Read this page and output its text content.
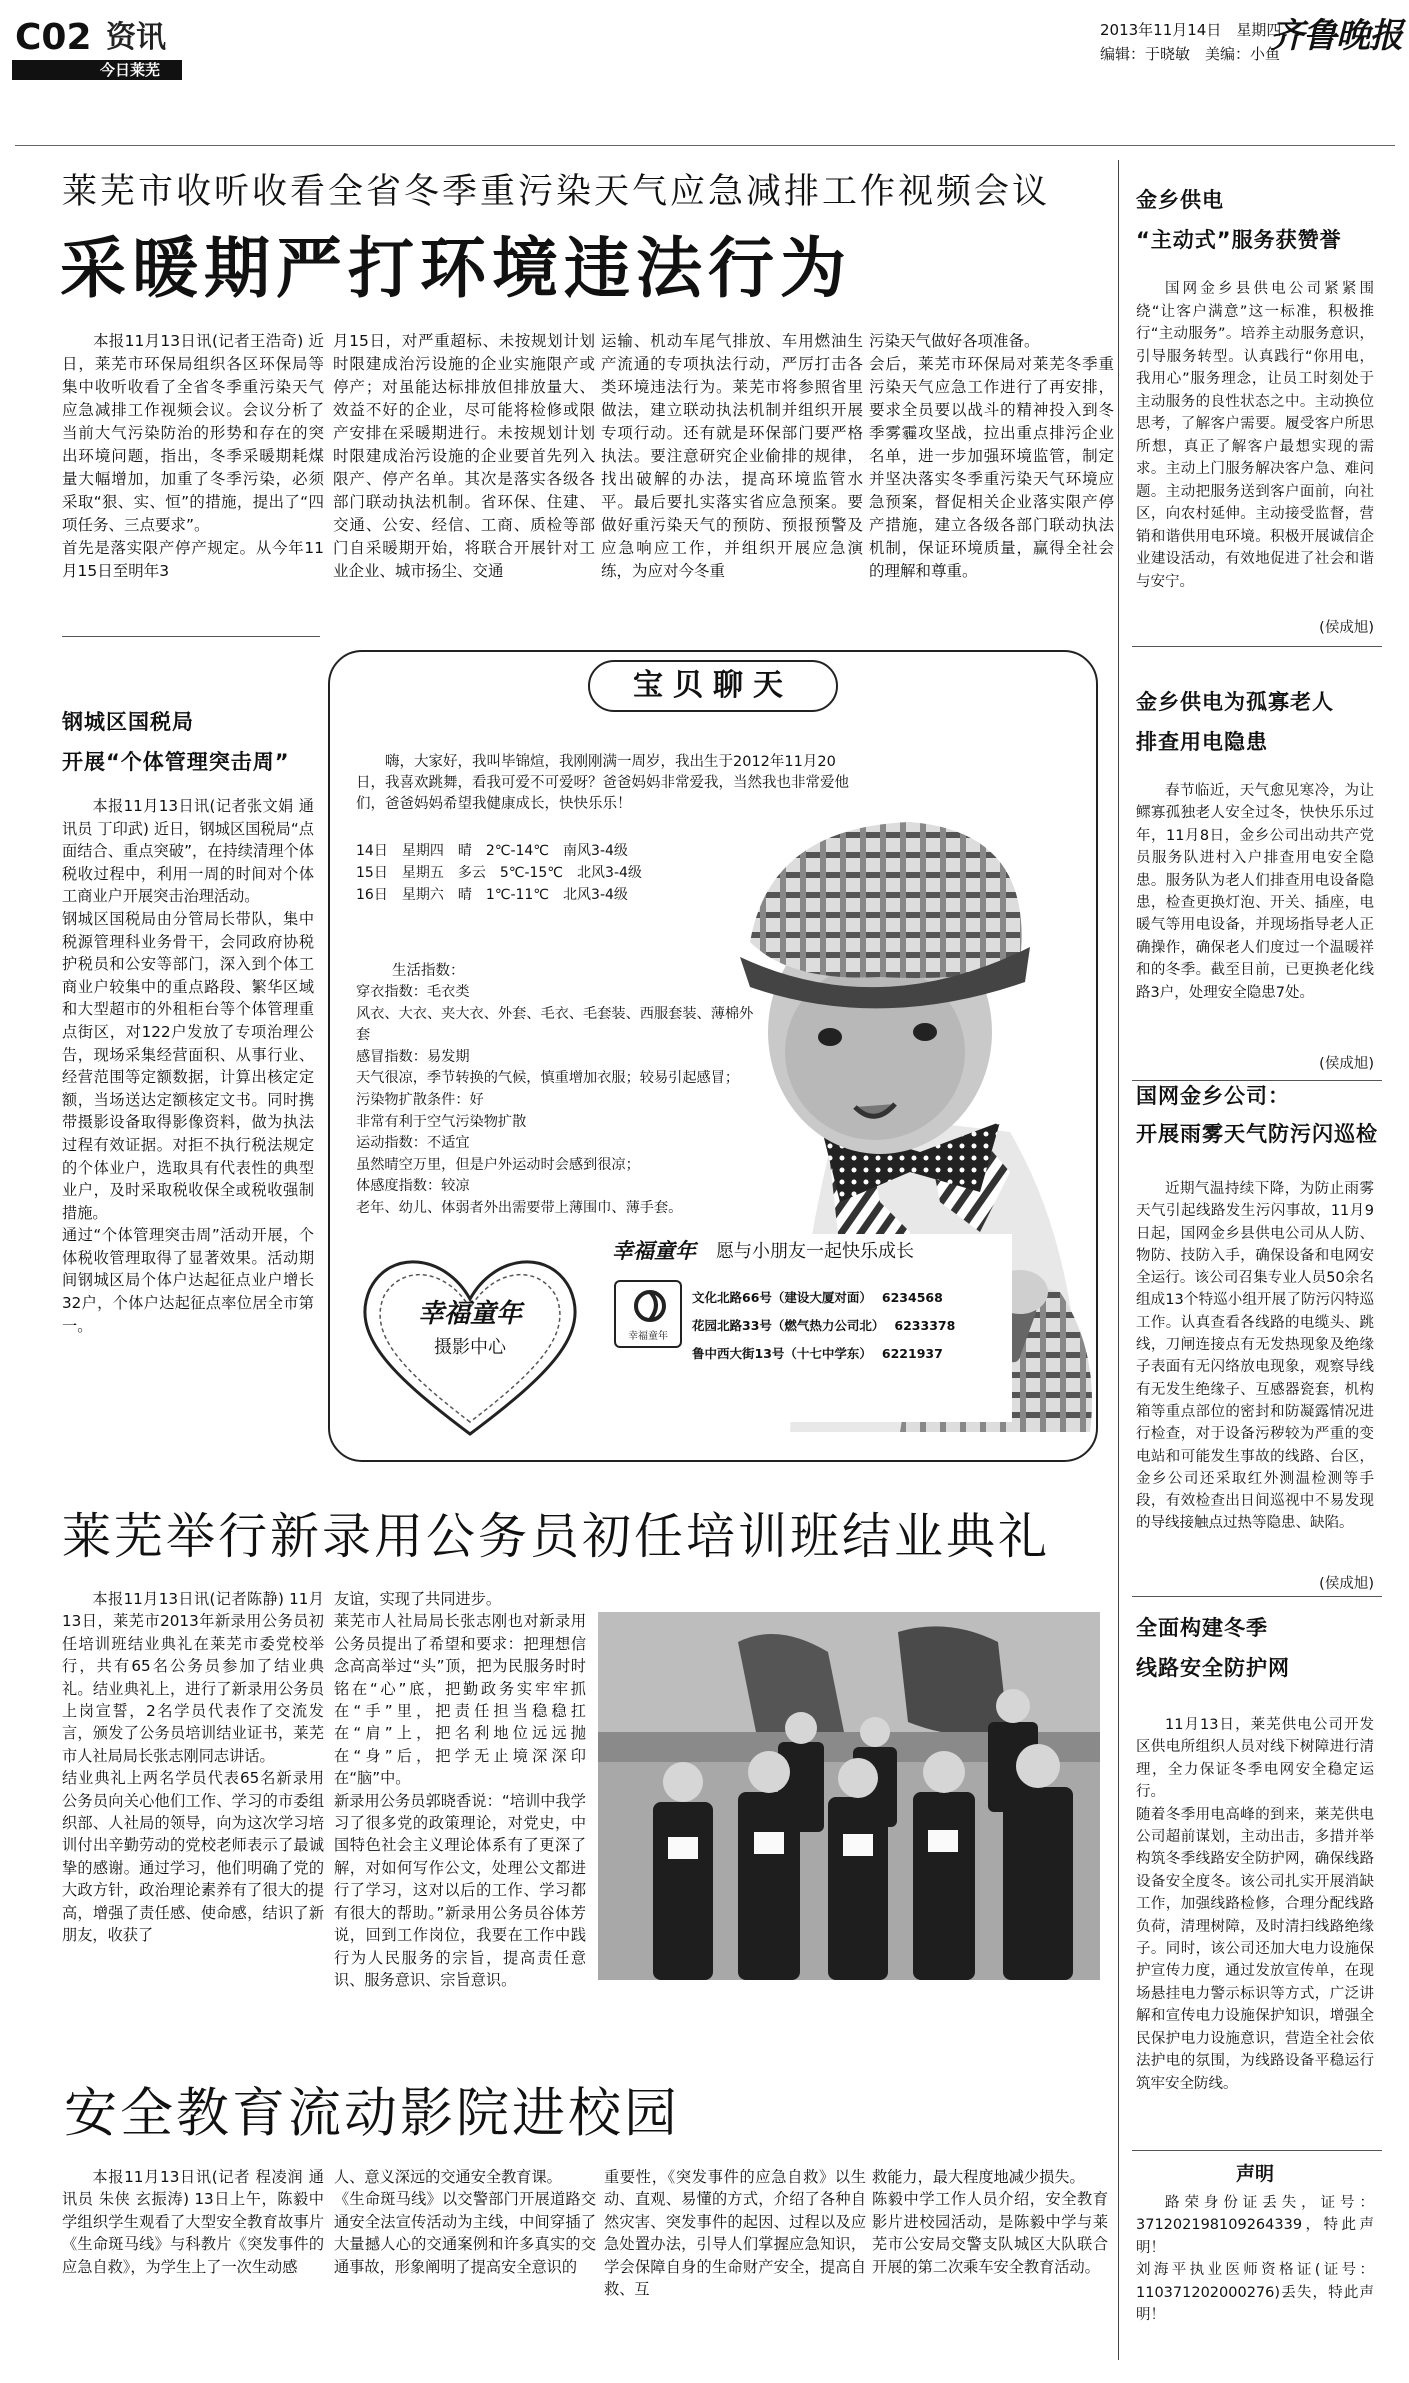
C02 资讯
今日莱芜
2013年11月14日　星期四
编辑：于晓敏　美编：小鱼
齐鲁晚报
莱芜市收听收看全省冬季重污染天气应急减排工作视频会议
采暖期严打环境违法行为
本报11月13日讯(记者王浩奇) 近日，莱芜市环保局组织各区环保局等集中收听收看了全省冬季重污染天气应急减排工作视频会议。会议分析了当前大气污染防治的形势和存在的突出环境问题，指出，冬季采暖期耗煤量大幅增加，加重了冬季污染，必须采取“狠、实、恒”的措施，提出了“四项任务、三点要求”。
首先是落实限产停产规定。从今年11月15日至明年3
月15日，对严重超标、未按规划计划时限建成治污设施的企业实施限产或停产；对虽能达标排放但排放量大、效益不好的企业，尽可能将检修或限产安排在采暖期进行。未按规划计划时限建成治污设施的企业要首先列入限产、停产名单。其次是落实各级各部门联动执法机制。省环保、住建、交通、公安、经信、工商、质检等部门自采暖期开始，将联合开展针对工业企业、城市扬尘、交通
运输、机动车尾气排放、车用燃油生产流通的专项执法行动，严厉打击各类环境违法行为。莱芜市将参照省里做法，建立联动执法机制并组织开展专项行动。还有就是环保部门要严格执法。要注意研究企业偷排的规律，找出破解的办法，提高环境监管水平。最后要扎实落实省应急预案。要做好重污染天气的预防、预报预警及应急响应工作，并组织开展应急演练，为应对今冬重
污染天气做好各项准备。
会后，莱芜市环保局对莱芜冬季重污染天气应急工作进行了再安排，要求全员要以战斗的精神投入到冬季雾霾攻坚战，拉出重点排污企业名单，进一步加强环境监管，制定并坚决落实冬季重污染天气环境应急预案，督促相关企业落实限产停产措施，建立各级各部门联动执法机制，保证环境质量，赢得全社会的理解和尊重。
金乡供电
“主动式”服务获赞誉
国网金乡县供电公司紧紧围绕“让客户满意”这一标准，积极推行“主动服务”。培养主动服务意识，引导服务转型。认真践行“你用电，我用心”服务理念，让员工时刻处于主动服务的良性状态之中。主动换位思考，了解客户需要。履受客户所思所想，真正了解客户最想实现的需求。主动上门服务解决客户急、难问题。主动把服务送到客户面前，向社区，向农村延伸。主动接受监督，营销和谐供用电环境。积极开展诚信企业建设活动，有效地促进了社会和谐与安宁。
(侯成旭)
钢城区国税局
开展“个体管理突击周”
本报11月13日讯(记者张文娟 通讯员 丁印武) 近日，钢城区国税局“点面结合、重点突破”，在持续清理个体税收过程中，利用一周的时间对个体工商业户开展突击治理活动。
钢城区国税局由分管局长带队，集中税源管理科业务骨干，会同政府协税护税员和公安等部门，深入到个体工商业户较集中的重点路段、繁华区域和大型超市的外租柜台等个体管理重点街区，对122户发放了专项治理公告，现场采集经营面积、从事行业、经营范围等定额数据，计算出核定定额，当场送达定额核定文书。同时携带摄影设备取得影像资料，做为执法过程有效证据。对拒不执行税法规定的个体业户，选取具有代表性的典型业户，及时采取税收保全或税收强制措施。
通过“个体管理突击周”活动开展，个体税收管理取得了显著效果。活动期间钢城区局个体户达起征点业户增长32户，个体户达起征点率位居全市第一。
宝贝聊天
嗨，大家好，我叫毕锦煊，我刚刚满一周岁，我出生于2012年11月20日，我喜欢跳舞，看我可爱不可爱呀？爸爸妈妈非常爱我，当然我也非常爱他们，爸爸妈妈希望我健康成长，快快乐乐！
14日　星期四　晴　2℃-14℃　南风3-4级
15日　星期五　多云　5℃-15℃　北风3-4级
16日　星期六　晴　1℃-11℃　北风3-4级
生活指数：
穿衣指数：毛衣类
风衣、大衣、夹大衣、外套、毛衣、毛套装、西服套装、薄棉外套
感冒指数：易发期
天气很凉，季节转换的气候，慎重增加衣服；较易引起感冒；
污染物扩散条件：好
非常有利于空气污染物扩散
运动指数：不适宜
虽然晴空万里，但是户外运动时会感到很凉；
体感度指数：较凉
老年、幼儿、体弱者外出需要带上薄围巾、薄手套。
幸福童年
摄影中心
幸福童年 愿与小朋友一起快乐成长
幸福童年
文化北路66号（建设大厦对面） 6234568
花园北路33号（燃气热力公司北） 6233378
鲁中西大街13号（十七中学东） 6221937
金乡供电为孤寡老人
排查用电隐患
春节临近，天气愈见寒冷，为让鳏寡孤独老人安全过冬，快快乐乐过年，11月8日，金乡公司出动共产党员服务队进村入户排查用电安全隐患。服务队为老人们排查用电设备隐患，检查更换灯泡、开关、插座，电暖气等用电设备，并现场指导老人正确操作，确保老人们度过一个温暖祥和的冬季。截至目前，已更换老化线路3户，处理安全隐患7处。
(侯成旭)
国网金乡公司：
开展雨雾天气防污闪巡检
近期气温持续下降，为防止雨雾天气引起线路发生污闪事故，11月9日起，国网金乡县供电公司从人防、物防、技防入手，确保设备和电网安全运行。该公司召集专业人员50余名组成13个特巡小组开展了防污闪特巡工作。认真查看各线路的电缆头、跳线，刀闸连接点有无发热现象及绝缘子表面有无闪络放电现象，观察导线有无发生绝缘子、互感器瓷套，机构箱等重点部位的密封和防凝露情况进行检查，对于设备污秽较为严重的变电站和可能发生事故的线路、台区，金乡公司还采取红外测温检测等手段，有效检查出日间巡视中不易发现的导线接触点过热等隐患、缺陷。
(侯成旭)
莱芜举行新录用公务员初任培训班结业典礼
本报11月13日讯(记者陈静) 11月13日，莱芜市2013年新录用公务员初任培训班结业典礼在莱芜市委党校举行，共有65名公务员参加了结业典礼。结业典礼上，进行了新录用公务员上岗宣誓，2名学员代表作了交流发言，颁发了公务员培训结业证书，莱芜市人社局局长张志刚同志讲话。
结业典礼上两名学员代表65名新录用公务员向关心他们工作、学习的市委组织部、人社局的领导，向为这次学习培训付出辛勤劳动的党校老师表示了最诚挚的感谢。通过学习，他们明确了党的大政方针，政治理论素养有了很大的提高，增强了责任感、使命感，结识了新朋友，收获了
友谊，实现了共同进步。
莱芜市人社局局长张志刚也对新录用公务员提出了希望和要求：把理想信念高高举过“头”顶，把为民服务时时铭在“心”底，把勤政务实牢牢抓在“手”里，把责任担当稳稳扛在“肩”上，把名利地位远远抛在“身”后，把学无止境深深印在“脑”中。
新录用公务员郭晓香说：“培训中我学习了很多党的政策理论，对党史，中国特色社会主义理论体系有了更深了解，对如何写作公文，处理公文都进行了学习，这对以后的工作、学习都有很大的帮助。”新录用公务员谷体芳说，回到工作岗位，我要在工作中践行为人民服务的宗旨，提高责任意识、服务意识、宗旨意识。
全面构建冬季
线路安全防护网
11月13日，莱芜供电公司开发区供电所组织人员对线下树障进行清理，全力保证冬季电网安全稳定运行。
随着冬季用电高峰的到来，莱芜供电公司超前谋划，主动出击，多措并举构筑冬季线路安全防护网，确保线路设备安全度冬。该公司扎实开展消缺工作，加强线路检修，合理分配线路负荷，清理树障，及时清扫线路绝缘子。同时，该公司还加大电力设施保护宣传力度，通过发放宣传单，在现场悬挂电力警示标识等方式，广泛讲解和宣传电力设施保护知识，增强全民保护电力设施意识，营造全社会依法护电的氛围，为线路设备平稳运行筑牢安全防线。
安全教育流动影院进校园
本报11月13日讯(记者 程凌润 通讯员 朱侠 玄振涛) 13日上午，陈毅中学组织学生观看了大型安全教育故事片《生命斑马线》与科教片《突发事件的应急自救》，为学生上了一次生动感
人、意义深远的交通安全教育课。
《生命斑马线》以交警部门开展道路交通安全法宣传活动为主线，中间穿插了大量撼人心的交通案例和许多真实的交通事故，形象阐明了提高安全意识的
重要性，《突发事件的应急自救》以生动、直观、易懂的方式，介绍了各种自然灾害、突发事件的起因、过程以及应急处置办法，引导人们掌握应急知识，学会保障自身的生命财产安全，提高自救、互
救能力，最大程度地减少损失。
陈毅中学工作人员介绍，安全教育影片进校园活动，是陈毅中学与莱芜市公安局交警支队城区大队联合开展的第二次乘车安全教育活动。
声明
路荣身份证丢失，证号：371202198109264339，特此声明！
刘海平执业医师资格证(证号：110371202000276)丢失，特此声明！
